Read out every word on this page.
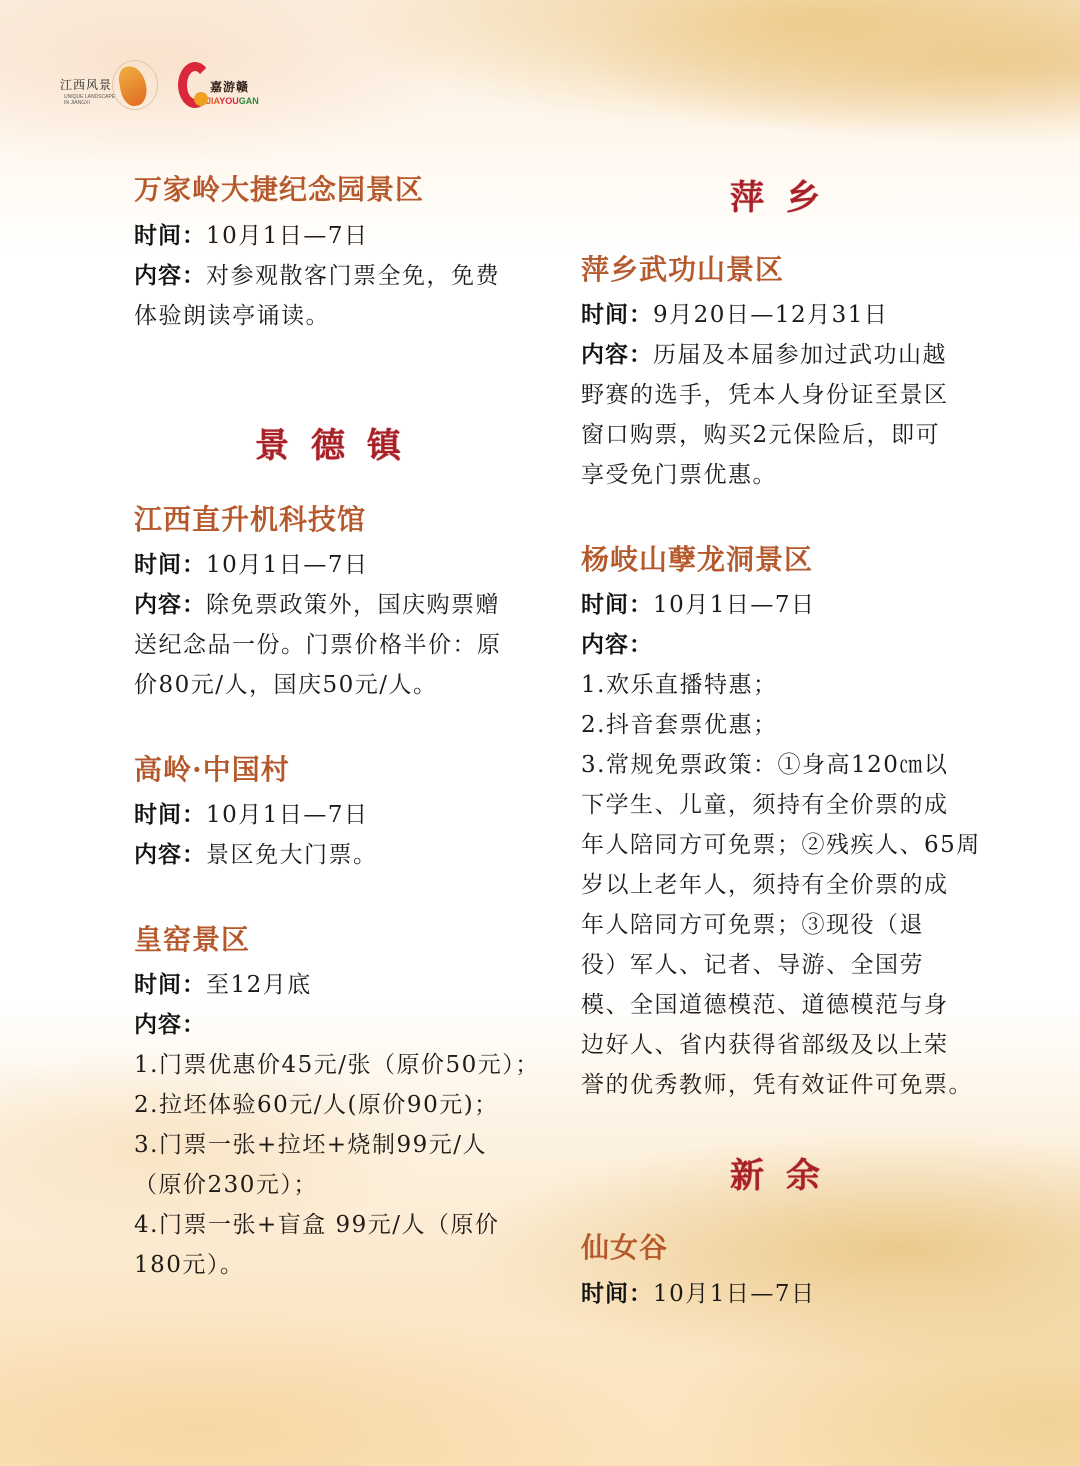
江西风景
UNIQUE LANDSCAPE
IN JIANGXI
嘉游赣
JIAYOUGAN
万家岭大捷纪念园景区
时间：10月1日—7日
内容：对参观散客门票全免，免费
体验朗读亭诵读。
景德镇
江西直升机科技馆
时间：10月1日—7日
内容：除免票政策外，国庆购票赠
送纪念品一份。门票价格半价：原
价80元/人，国庆50元/人。
高岭·中国村
时间：10月1日—7日
内容：景区免大门票。
皇窑景区
时间：至12月底
内容：
1.门票优惠价45元/张（原价50元）；
2.拉坯体验60元/人(原价90元)；
3.门票一张+拉坯+烧制99元/人
（原价230元）；
4.门票一张+盲盒 99元/人（原价
180元）。
萍乡
萍乡武功山景区
时间：9月20日—12月31日
内容：历届及本届参加过武功山越
野赛的选手，凭本人身份证至景区
窗口购票，购买2元保险后，即可
享受免门票优惠。
杨岐山孽龙洞景区
时间：10月1日—7日
内容：
1.欢乐直播特惠；
2.抖音套票优惠；
3.常规免票政策：①身高120㎝以
下学生、儿童，须持有全价票的成
年人陪同方可免票；②残疾人、65周
岁以上老年人，须持有全价票的成
年人陪同方可免票；③现役（退
役）军人、记者、导游、全国劳
模、全国道德模范、道德模范与身
边好人、省内获得省部级及以上荣
誉的优秀教师，凭有效证件可免票。
新余
仙女谷
时间：10月1日—7日
